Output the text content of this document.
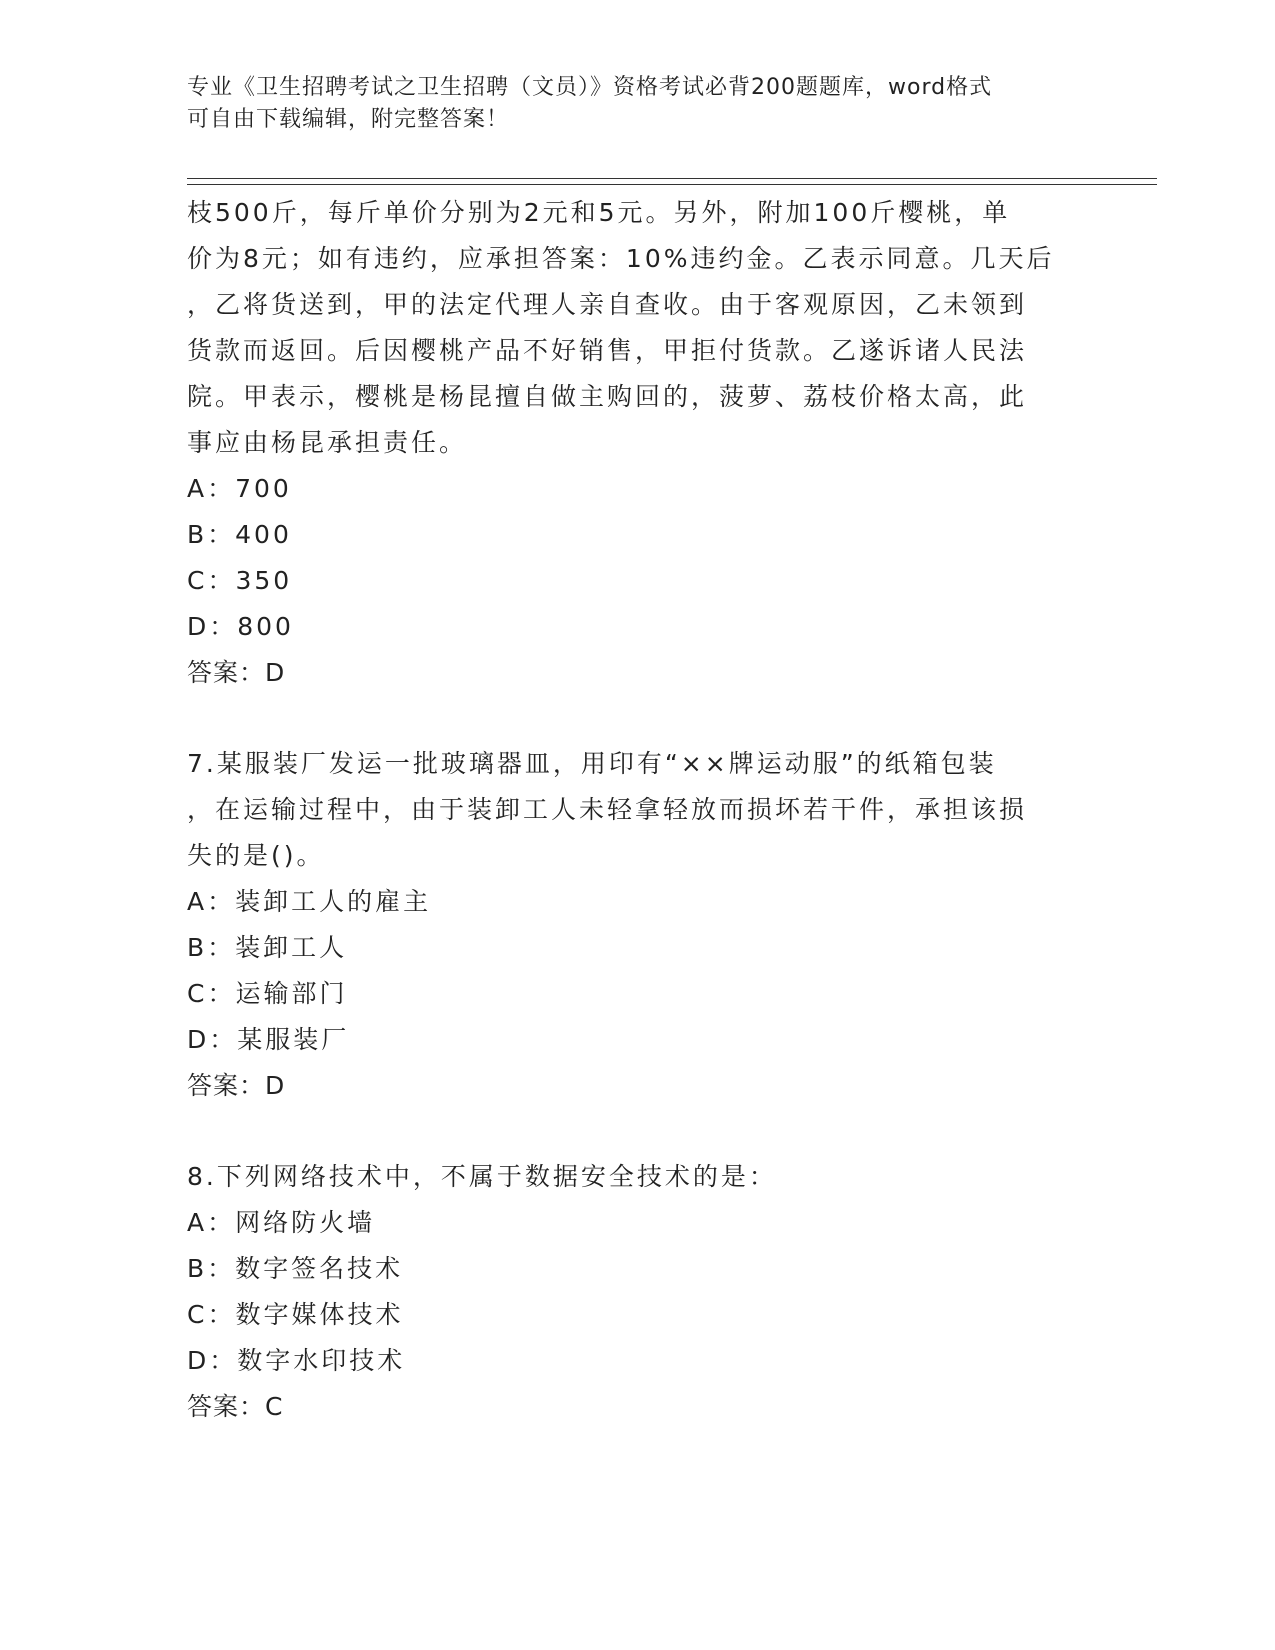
专业《卫生招聘考试之卫生招聘（文员）》资格考试必背200题题库，word格式
可自由下载编辑，附完整答案！
枝500斤，每斤单价分别为2元和5元。另外，附加100斤樱桃，单
价为8元；如有违约，应承担答案：10%违约金。乙表示同意。几天后
，乙将货送到，甲的法定代理人亲自查收。由于客观原因，乙未领到
货款而返回。后因樱桃产品不好销售，甲拒付货款。乙遂诉诸人民法
院。甲表示，樱桃是杨昆擅自做主购回的，菠萝、荔枝价格太高，此
事应由杨昆承担责任。
A：700
B：400
C：350
D：800
答案：D
7.某服装厂发运一批玻璃器皿，用印有“××牌运动服”的纸箱包装
，在运输过程中，由于装卸工人未轻拿轻放而损坏若干件，承担该损
失的是()。
A：装卸工人的雇主
B：装卸工人
C：运输部门
D：某服装厂
答案：D
8.下列网络技术中，不属于数据安全技术的是：
A：网络防火墙
B：数字签名技术
C：数字媒体技术
D：数字水印技术
答案：C
